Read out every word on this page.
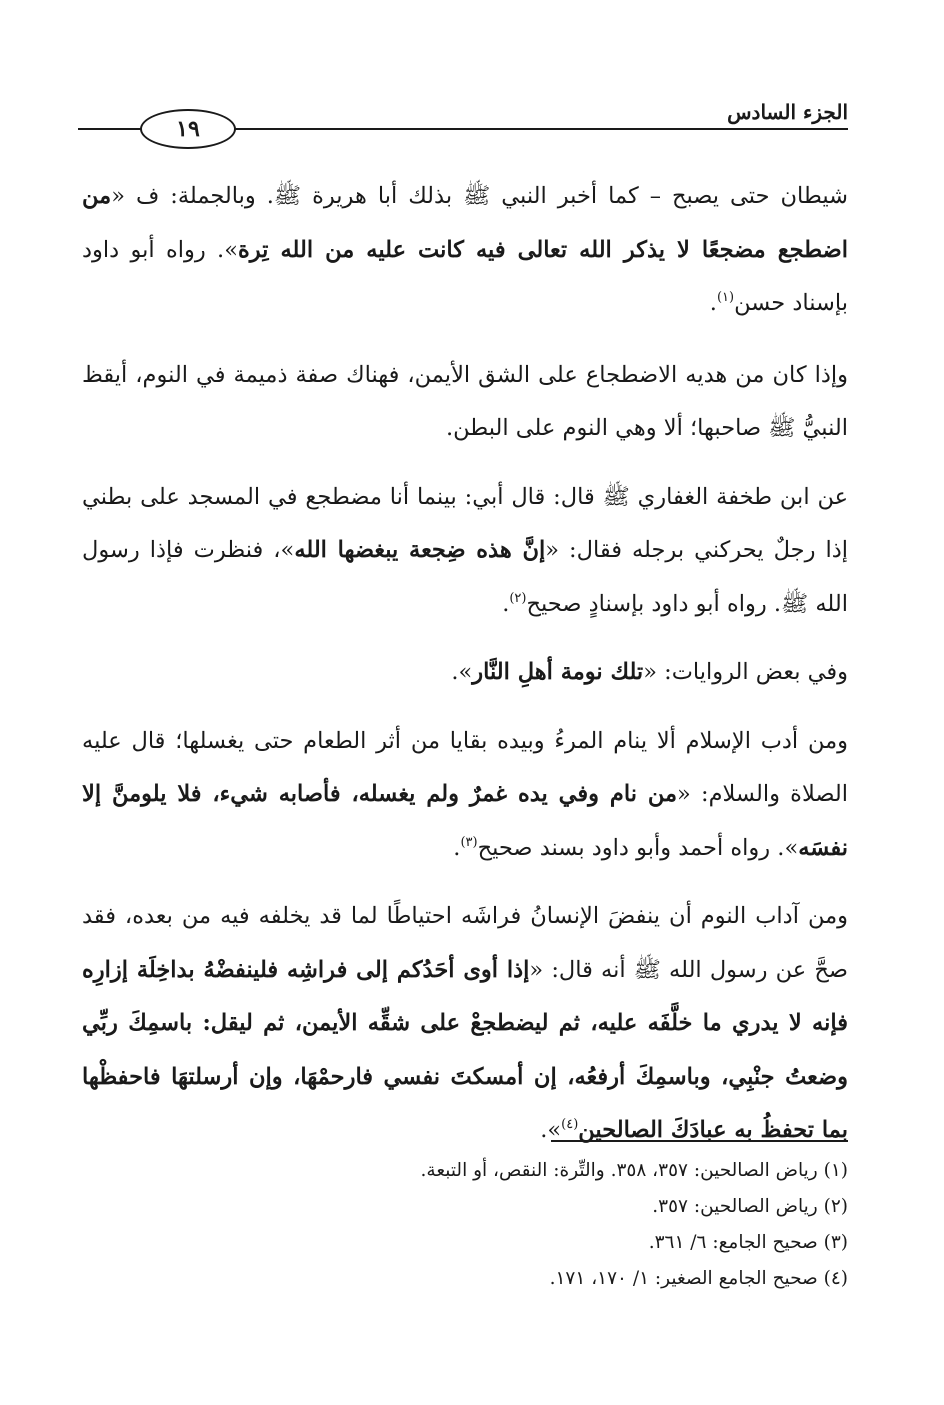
الجزء السادس
١٩

شيطان حتى يصبح – كما أخبر النبي ﷺ بذلك أبا هريرة ﷺ. وبالجملة: ف «من اضطجع مضجعًا لا يذكر الله تعالى فيه كانت عليه من الله تِرة». رواه أبو داود بإسناد حسن$^{(١)}$.

وإذا كان من هديه الاضطجاع على الشق الأيمن، فهناك صفة ذميمة في النوم، أيقظ النبيُّ ﷺ صاحبها؛ ألا وهي النوم على البطن.

عن ابن طخفة الغفاري ﷺ قال: قال أبي: بينما أنا مضطجع في المسجد على بطني إذا رجلٌ يحركني برجله فقال: «إنَّ هذه ضِجعة يبغضها الله»، فنظرت فإذا رسول الله ﷺ. رواه أبو داود بإسنادٍ صحيح$^{(٢)}$.

وفي بعض الروايات: «تلك نومة أهلِ النَّار».

ومن أدب الإسلام ألا ينام المرءُ وبيده بقايا من أثر الطعام حتى يغسلها؛ قال عليه الصلاة والسلام: «من نام وفي يده غمرٌ ولم يغسله، فأصابه شيء، فلا يلومنَّ إلا نفسَه». رواه أحمد وأبو داود بسند صحيح$^{(٣)}$.

ومن آداب النوم أن ينفضَ الإنسانُ فراشَه احتياطًا لما قد يخلفه فيه من بعده، فقد صحَّ عن رسول الله ﷺ أنه قال: «إذا أوى أحَدُكم إلى فراشِه فلينفضْهُ بداخِلَة إزارِه فإنه لا يدري ما خلَّفَه عليه، ثم ليضطجعْ على شقِّه الأيمن، ثم ليقل: باسمِكَ ربِّي وضعتُ جنْبِي، وباسمِكَ أرفعُه، إن أمسكتَ نفسي فارحمْهَا، وإن أرسلتهَا فاحفظْها بما تحفظُ به عبادَكَ الصالحين$^{(٤)}$».

(١) رياض الصالحين: ٣٥٧، ٣٥٨. والتِّرة: النقص، أو التبعة.

(٢) رياض الصالحين: ٣٥٧.

(٣) صحيح الجامع: ٦/ ٣٦١.

(٤) صحيح الجامع الصغير: ١/ ١٧٠، ١٧١.
